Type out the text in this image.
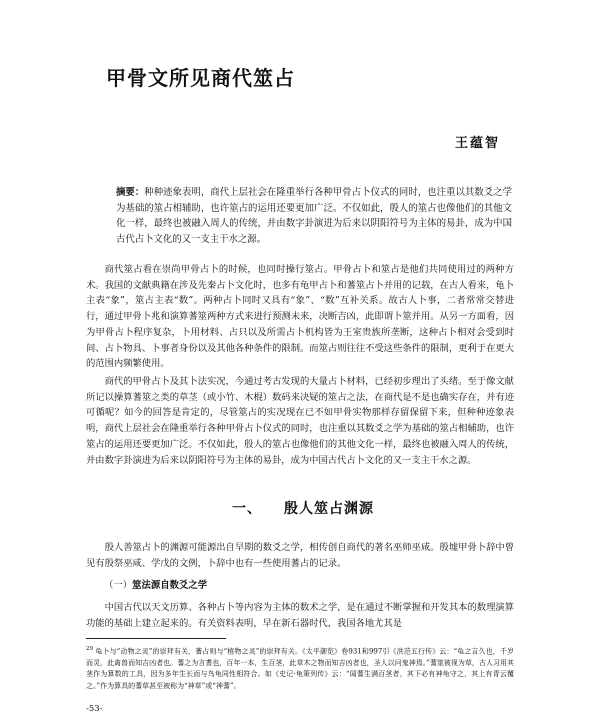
甲骨文所见商代筮占

王蕴智

摘要：种种迹象表明，商代上层社会在隆重举行各种甲骨占卜仪式的同时，也注重以其数爻之学为基础的筮占相辅助，也许筮占的运用还要更加广泛。不仅如此，殷人的筮占也像他们的其他文化一样，最终也被融入周人的传统，并由数字卦演进为后来以阴阳符号为主体的易卦，成为中国古代占卜文化的又一支主干水之源。

商代筮占看在崇尚甲骨占卜的时候，也同时操行筮占。甲骨占卜和筮占是他们共同使用过的两种方术。我国的文献典籍在涉及先秦占卜文化时，也多有龟甲占卜和蓍筮占卜并用的记载，在古人看来，龟卜主表“象”，筮占主表“数”。两种占卜同时又具有“象”、“数”互补关系。故古人卜事，二者常常交替进行，通过甲骨卜兆和演算蓍筮两种方式来进行预测未来，决断吉凶，此即谓卜筮并用。从另一方面看，因为甲骨占卜程序复杂，卜用材料、占只以及所需占卜机构皆为王室贵族所垄断，这种占卜相对会受到时间、占卜物具、卜事者身份以及其他各种条件的限制。而筮占则往往不受这些条件的限制，更利于在更大的范围内频繁使用。

商代的甲骨占卜及其卜法实况，今通过考古发现的大量占卜材料，已经初步理出了头绪。至于像文献所记以操算蓍筮之类的草茎（或小竹、木棍）数码来决疑的筮占之法，在商代是不是也确实存在，并有迹可循呢？如今的回答是肯定的，尽管筮占的实况现在已不如甲骨实物那样存留保留下来，但种种迹象表明，商代上层社会在隆重举行各种甲骨占卜仪式的同时，也注重以其数爻之学为基础的筮占相辅助，也许筮占的运用还要更加广泛。不仅如此，殷人的筮占也像他们的其他文化一样，最终也被融入周人的传统，并由数字卦演进为后来以阴阳符号为主体的易卦，成为中国古代占卜文化的又一支主干水之源。

一、 殷人筮占渊源

殷人善筮占卜的渊源可能源出自早期的数爻之学，相传创自商代的著名巫师巫咸。殷墟甲骨卜辞中曾见有殷祭巫咸、学戊的文例，卜辞中也有一些使用蓍占的记录。

（一）筮法源自数爻之学

中国古代以天文历算、各种占卜等内容为主体的数术之学，是在通过不断掌握和开发其本的数理演算功能的基础上建立起来的。有关资料表明，早在新石器时代，我国各地尤其是

$^{29}$ 龟卜与“动物之灵”的崇拜有关，蓍占则与“植物之灵”的崇拜有关。《太平御览》卷931和997引《洪范五行传》云：“龟之言久也，千岁而灵，此禽兽而知吉凶者也。蓍之为言耆也，百年一本，生百茎，此草木之物而知吉凶者也，圣人以问鬼神焉。”蓍筮被视为草，古人习用其茎作为算数的工具，因为多年生长而与鸟龟同性相符合。如《史记·龟策列传》云：“闻蓍生满百茎者，其下必有神龟守之，其上有青云覆之。”作为算具的蓍草甚至被称为“神草”或“神蓍”。

-53-
